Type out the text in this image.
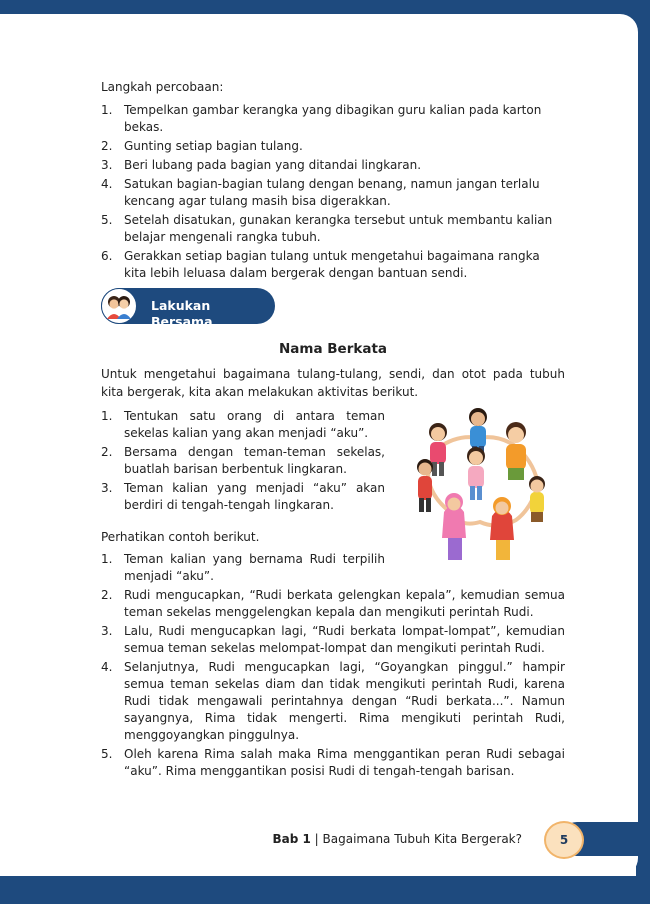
Langkah percobaan:

1. Tempelkan gambar kerangka yang dibagikan guru kalian pada karton bekas.
2. Gunting setiap bagian tulang.
3. Beri lubang pada bagian yang ditandai lingkaran.
4. Satukan bagian-bagian tulang dengan benang, namun jangan terlalu kencang agar tulang masih bisa digerakkan.
5. Setelah disatukan, gunakan kerangka tersebut untuk membantu kalian belajar mengenali rangka tubuh.
6. Gerakkan setiap bagian tulang untuk mengetahui bagaimana rangka kita lebih leluasa dalam bergerak dengan bantuan sendi.
Lakukan Bersama
Nama Berkata

Untuk mengetahui bagaimana tulang-tulang, sendi, dan otot pada tubuh kita bergerak, kita akan melakukan aktivitas berikut.

1. Tentukan satu orang di antara teman sekelas kalian yang akan menjadi “aku”.
2. Bersama dengan teman-teman sekelas, buatlah barisan berbentuk lingkaran.
3. Teman kalian yang menjadi “aku” akan berdiri di tengah-tengah lingkaran.

Perhatikan contoh berikut.

1. Teman kalian yang bernama Rudi terpilih menjadi “aku”.
2. Rudi mengucapkan, “Rudi berkata gelengkan kepala”, kemudian semua teman sekelas menggelengkan kepala dan mengikuti perintah Rudi.
3. Lalu, Rudi mengucapkan lagi, “Rudi berkata lompat-lompat”, kemudian semua teman sekelas melompat-lompat dan mengikuti perintah Rudi.
4. Selanjutnya, Rudi mengucapkan lagi, “Goyangkan pinggul.” hampir semua teman sekelas diam dan tidak mengikuti perintah Rudi, karena Rudi tidak mengawali perintahnya dengan “Rudi berkata...”. Namun sayangnya, Rima tidak mengerti. Rima mengikuti perintah Rudi, menggoyangkan pinggulnya.
5. Oleh karena Rima salah maka Rima menggantikan peran Rudi sebagai “aku”. Rima menggantikan posisi Rudi di tengah-tengah barisan.
Bab 1 | Bagaimana Tubuh Kita Bergerak?	5
